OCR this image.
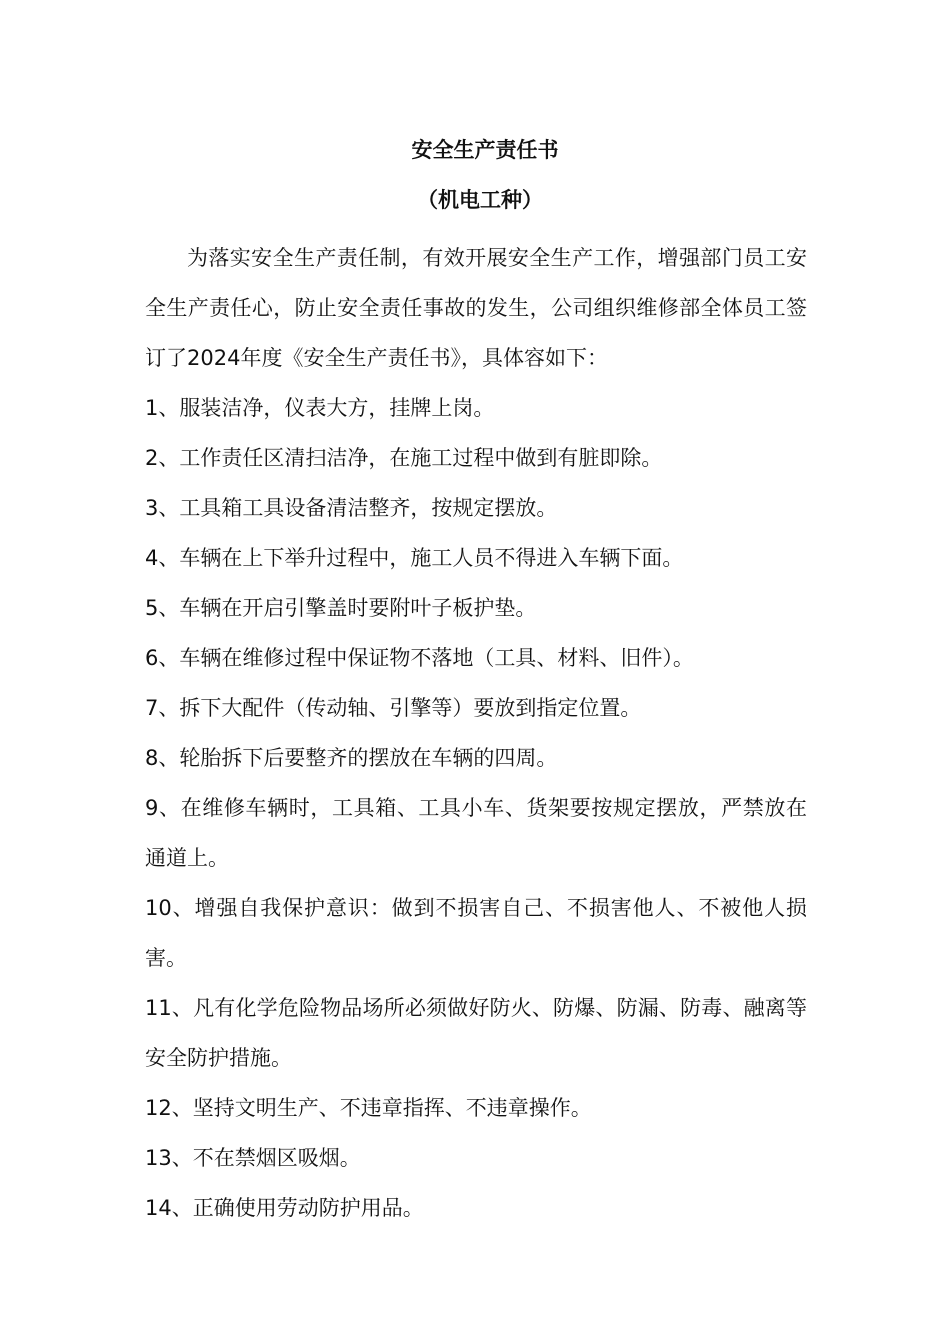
安全生产责任书
（机电工种）

为落实安全生产责任制，有效开展安全生产工作，增强部门员工安全生产责任心，防止安全责任事故的发生，公司组织维修部全体员工签订了2024年度《安全生产责任书》，具体容如下：

1、服装洁净，仪表大方，挂牌上岗。

2、工作责任区清扫洁净，在施工过程中做到有脏即除。

3、工具箱工具设备清洁整齐，按规定摆放。

4、车辆在上下举升过程中，施工人员不得进入车辆下面。

5、车辆在开启引擎盖时要附叶子板护垫。

6、车辆在维修过程中保证物不落地（工具、材料、旧件）。

7、拆下大配件（传动轴、引擎等）要放到指定位置。

8、轮胎拆下后要整齐的摆放在车辆的四周。

9、在维修车辆时，工具箱、工具小车、货架要按规定摆放，严禁放在通道上。

10、增强自我保护意识：做到不损害自己、不损害他人、不被他人损害。

11、凡有化学危险物品场所必须做好防火、防爆、防漏、防毒、融离等安全防护措施。

12、坚持文明生产、不违章指挥、不违章操作。

13、不在禁烟区吸烟。

14、正确使用劳动防护用品。
